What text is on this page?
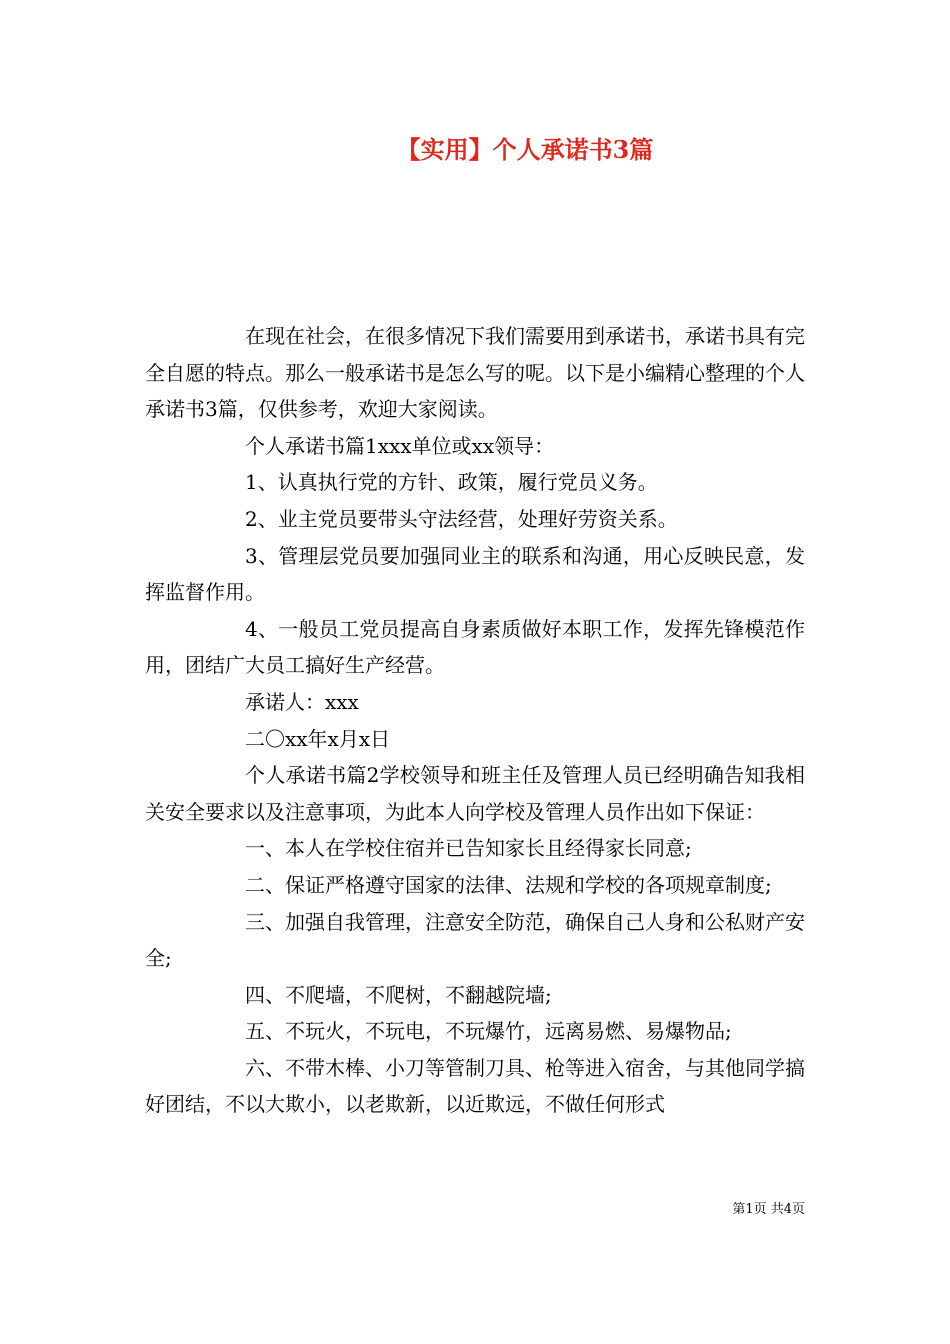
【实用】个人承诺书3篇

在现在社会，在很多情况下我们需要用到承诺书，承诺书具有完全自愿的特点。那么一般承诺书是怎么写的呢。以下是小编精心整理的个人承诺书3篇，仅供参考，欢迎大家阅读。

个人承诺书篇1xxx单位或xx领导：

1、认真执行党的方针、政策，履行党员义务。

2、业主党员要带头守法经营，处理好劳资关系。

3、管理层党员要加强同业主的联系和沟通，用心反映民意，发挥监督作用。

4、一般员工党员提高自身素质做好本职工作，发挥先锋模范作用，团结广大员工搞好生产经营。

承诺人：xxx

二〇xx年x月x日

个人承诺书篇2学校领导和班主任及管理人员已经明确告知我相关安全要求以及注意事项，为此本人向学校及管理人员作出如下保证：

一、本人在学校住宿并已告知家长且经得家长同意;

二、保证严格遵守国家的法律、法规和学校的各项规章制度;

三、加强自我管理，注意安全防范，确保自己人身和公私财产安全;

四、不爬墙，不爬树，不翻越院墙;

五、不玩火，不玩电，不玩爆竹，远离易燃、易爆物品;

六、不带木棒、小刀等管制刀具、枪等进入宿舍，与其他同学搞好团结，不以大欺小，以老欺新，以近欺远，不做任何形式

第1页 共4页
